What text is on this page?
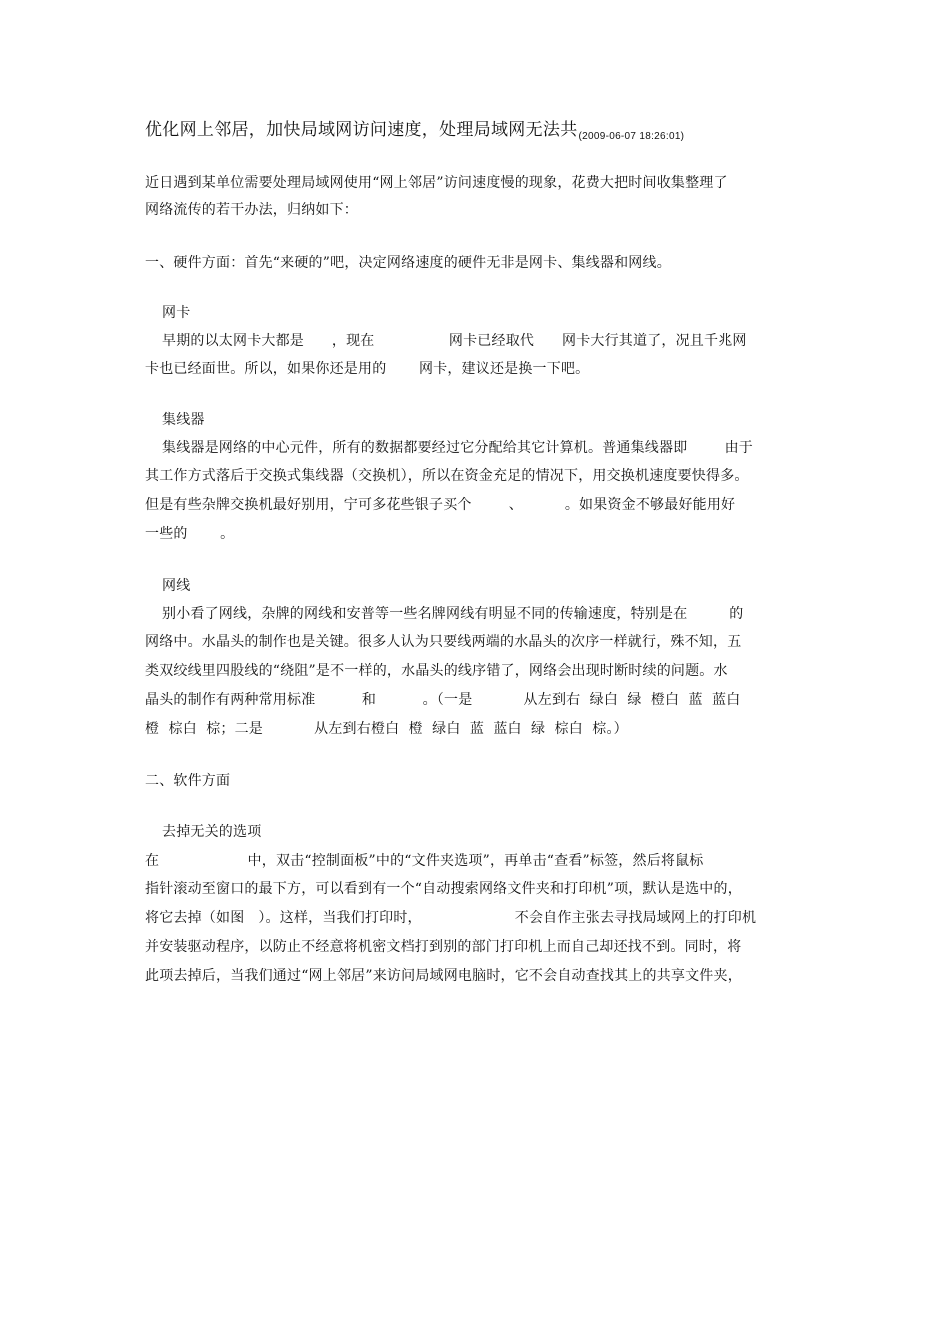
优化网上邻居，加快局域网访问速度，处理局域网无法共$_{(2009-06-07 18:26:01)}$
近日遇到某单位需要处理局域网使用“网上邻居”访问速度慢的现象，花费大把时间收集整理了
网络流传的若干办法，归纳如下：
一、硬件方面：首先“来硬的”吧，决定网络速度的硬件无非是网卡、集线器和网线。
网卡
早期的以太网卡大都是      ，现在                网卡已经取代      网卡大行其道了，况且千兆网
卡也已经面世。所以，如果你还是用的       网卡，建议还是换一下吧。
集线器
集线器是网络的中心元件，所有的数据都要经过它分配给其它计算机。普通集线器即        由于
其工作方式落后于交换式集线器（交换机），所以在资金充足的情况下，用交换机速度要快得多。
但是有些杂牌交换机最好别用，宁可多花些银子买个        、         。如果资金不够最好能用好
一些的       。
网线
别小看了网线，杂牌的网线和安普等一些名牌网线有明显不同的传输速度，特别是在         的
网络中。水晶头的制作也是关键。很多人认为只要线两端的水晶头的次序一样就行，殊不知，五
类双绞线里四股线的“绕阻”是不一样的，水晶头的线序错了，网络会出现时断时续的问题。水
晶头的制作有两种常用标准          和          。（一是           从左到右  绿白  绿  橙白  蓝  蓝白
橙  棕白  棕；二是           从左到右橙白  橙  绿白  蓝  蓝白  绿  棕白  棕。）
二、软件方面
去掉无关的选项
在                   中，双击“控制面板”中的“文件夹选项”，再单击“查看”标签，然后将鼠标
指针滚动至窗口的最下方，可以看到有一个“自动搜索网络文件夹和打印机”项，默认是选中的，
将它去掉（如图   ）。这样，当我们打印时，                    不会自作主张去寻找局域网上的打印机
并安装驱动程序，以防止不经意将机密文档打到别的部门打印机上而自己却还找不到。同时，将
此项去掉后，当我们通过“网上邻居”来访问局域网电脑时，它不会自动查找其上的共享文件夹，
